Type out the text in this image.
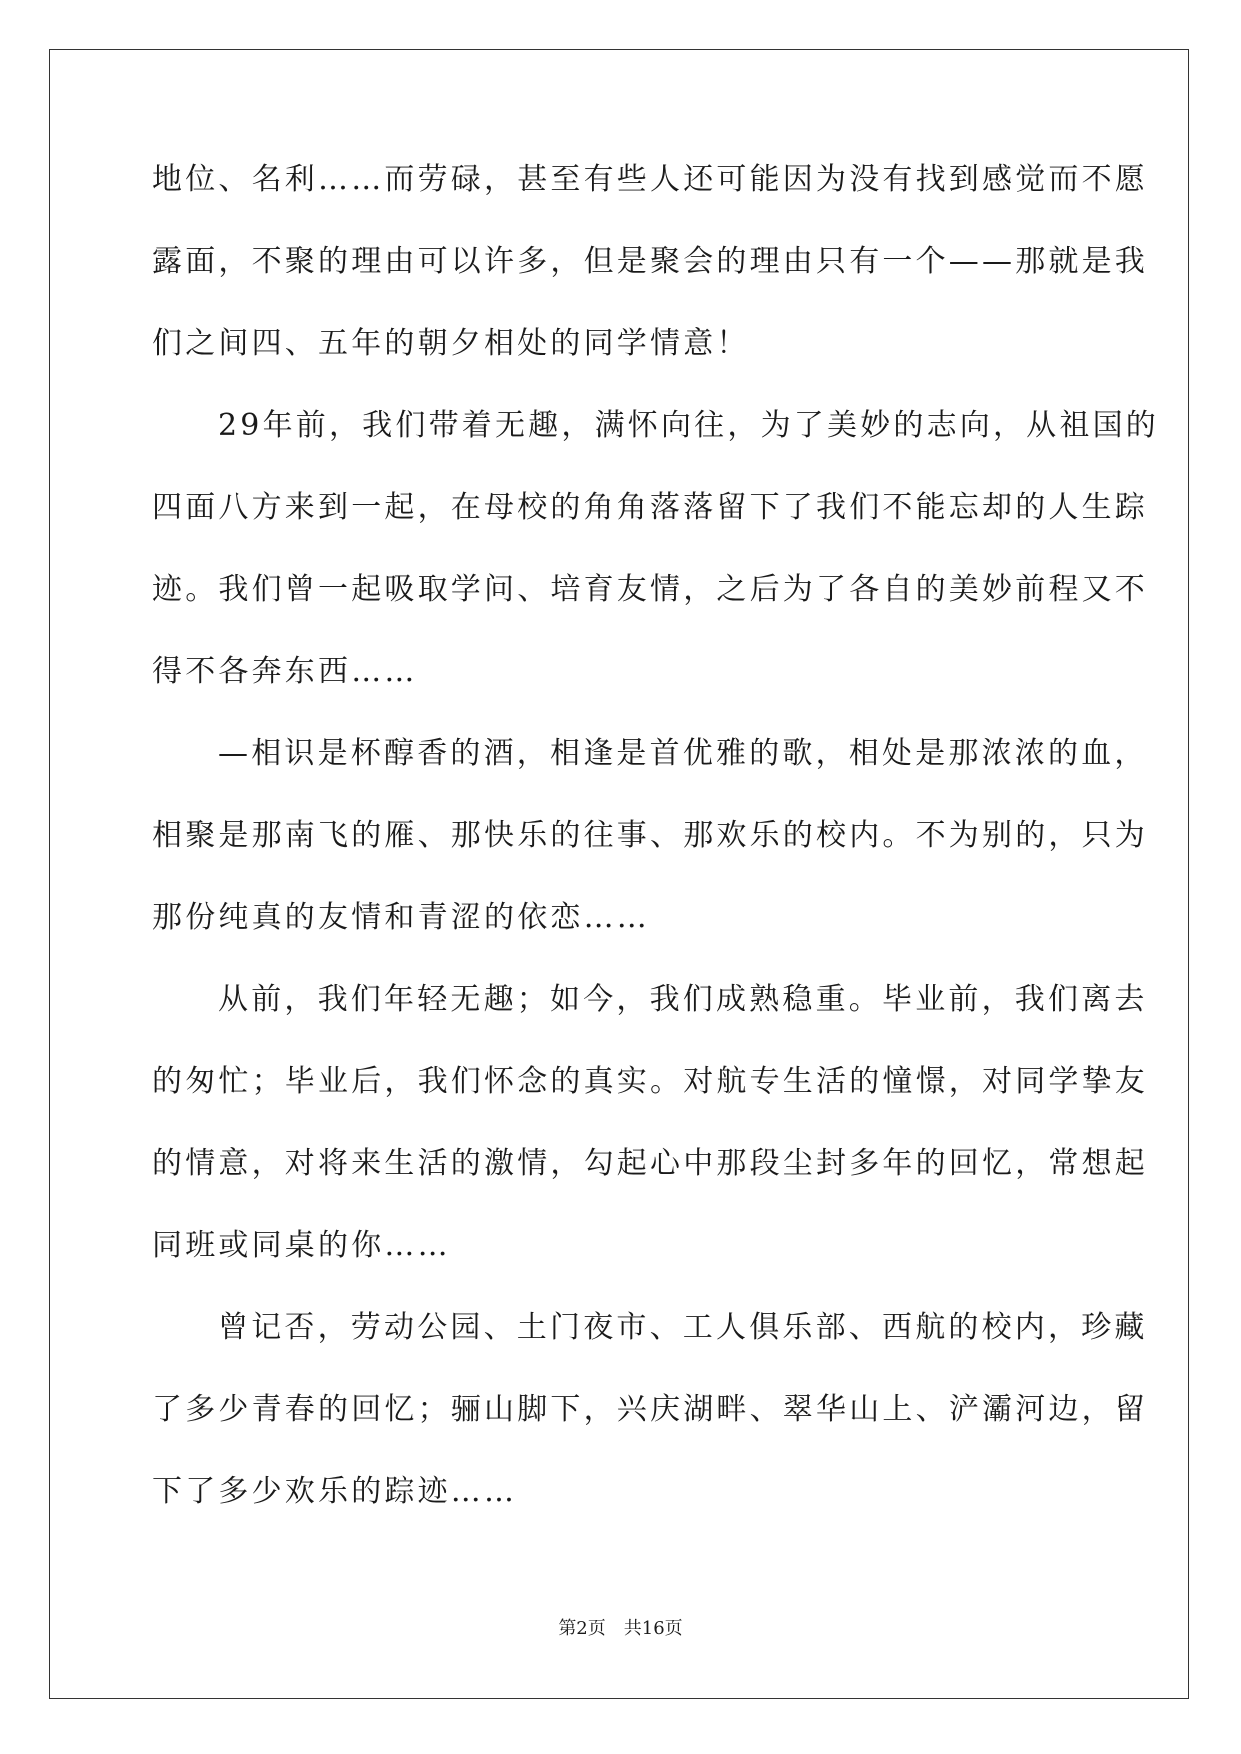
地位、名利……而劳碌，甚至有些人还可能因为没有找到感觉而不愿
露面，不聚的理由可以许多，但是聚会的理由只有一个——那就是我
们之间四、五年的朝夕相处的同学情意！
29年前，我们带着无趣，满怀向往，为了美妙的志向，从祖国的
四面八方来到一起，在母校的角角落落留下了我们不能忘却的人生踪
迹。我们曾一起吸取学问、培育友情，之后为了各自的美妙前程又不
得不各奔东西……
—相识是杯醇香的酒，相逢是首优雅的歌，相处是那浓浓的血，
相聚是那南飞的雁、那快乐的往事、那欢乐的校内。不为别的，只为
那份纯真的友情和青涩的依恋……
从前，我们年轻无趣；如今，我们成熟稳重。毕业前，我们离去
的匆忙；毕业后，我们怀念的真实。对航专生活的憧憬，对同学挚友
的情意，对将来生活的激情，勾起心中那段尘封多年的回忆，常想起
同班或同桌的你……
曾记否，劳动公园、土门夜市、工人俱乐部、西航的校内，珍藏
了多少青春的回忆；骊山脚下，兴庆湖畔、翠华山上、浐灞河边，留
下了多少欢乐的踪迹……
第2页　共16页
